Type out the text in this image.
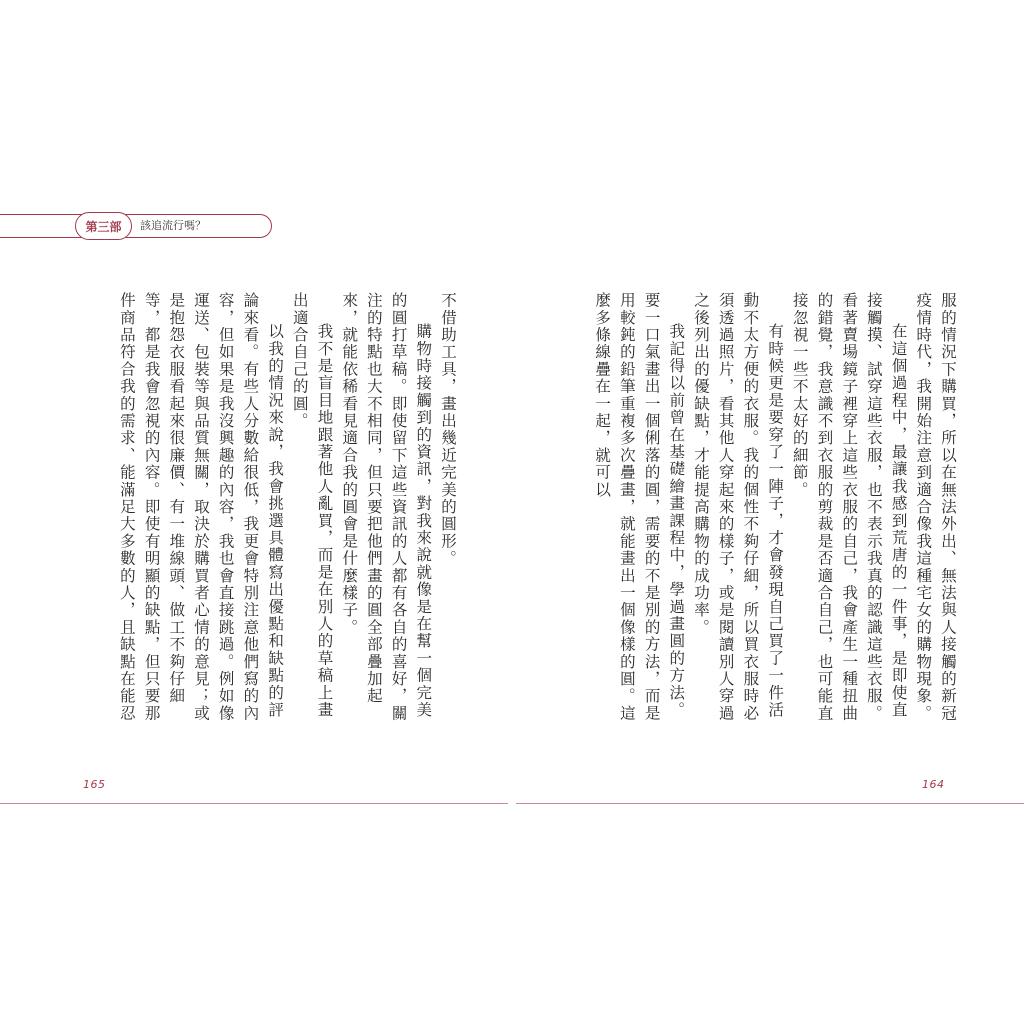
第三部	該追流行嗎？

不借助工具，畫出幾近完美的圓形。

購物時接觸到的資訊，對我來說就像是在幫一個完美的圓打草稿。即使留下這些資訊的人都有各自的喜好，關注的特點也大不相同，但只要把他們畫的圓全部疊加起來，就能依稀看見適合我的圓會是什麼樣子。

我不是盲目地跟著他人亂買，而是在別人的草稿上畫出適合自己的圓。

以我的情況來說，我會挑選具體寫出優點和缺點的評論來看。有些人分數給很低，我更會特別注意他們寫的內容，但如果是我沒興趣的內容，我也會直接跳過。例如像運送、包裝等與品質無關，取決於購買者心情的意見；或是抱怨衣服看起來很廉價、有一堆線頭、做工不夠仔細等，都是我會忽視的內容。即使有明顯的缺點，但只要那件商品符合我的需求、能滿足大多數的人，且缺點在能忍	服的情況下購買，所以在無法外出、無法與人接觸的新冠疫情時代，我開始注意到適合像我這種宅女的購物現象。

在這個過程中，最讓我感到荒唐的一件事，是即使直接觸摸、試穿這些衣服，也不表示我真的認識這些衣服。看著賣場鏡子裡穿上這些衣服的自己，我會產生一種扭曲的錯覺，我意識不到衣服的剪裁是否適合自己，也可能直接忽視一些不太好的細節。

有時候更是要穿了一陣子，才會發現自己買了一件活動不太方便的衣服。我的個性不夠仔細，所以買衣服時必須透過照片，看其他人穿起來的樣子，或是閱讀別人穿過之後列出的優缺點，才能提高購物的成功率。

我記得以前曾在基礎繪畫課程中，學過畫圓的方法。要一口氣畫出一個俐落的圓，需要的不是別的方法，而是用較鈍的鉛筆重複多次疊畫，就能畫出一個像樣的圓。這麼多條線疊在一起，就可以

165	164
